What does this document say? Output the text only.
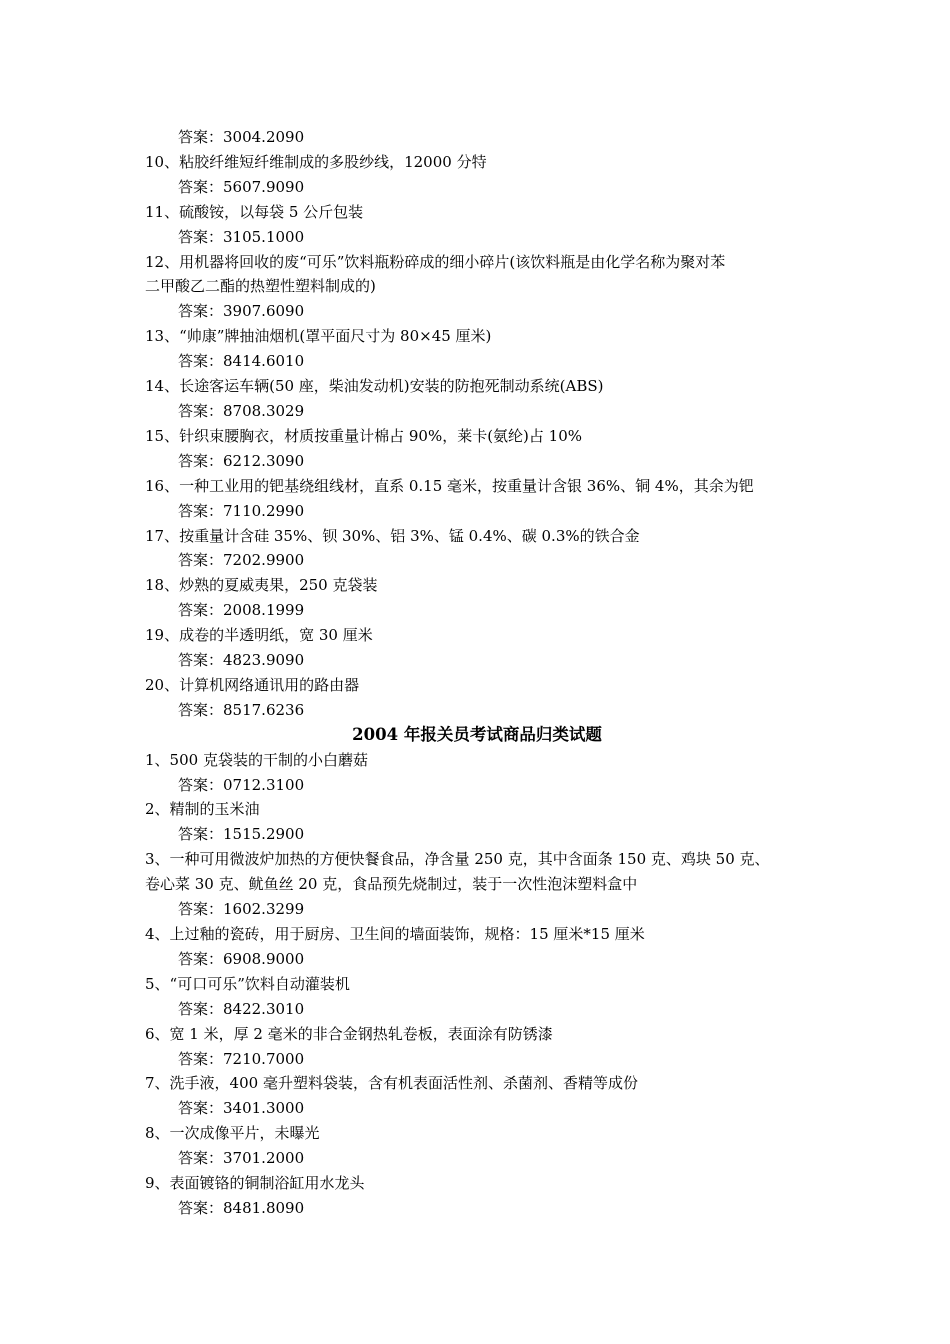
答案：3004.2090
10、粘胶纤维短纤维制成的多股纱线，12000 分特
答案：5607.9090
11、硫酸铵，以每袋 5 公斤包装
答案：3105.1000
12、用机器将回收的废“可乐”饮料瓶粉碎成的细小碎片(该饮料瓶是由化学名称为聚对苯
二甲酸乙二酯的热塑性塑料制成的)
答案：3907.6090
13、“帅康”牌抽油烟机(罩平面尺寸为 80×45 厘米)
答案：8414.6010
14、长途客运车辆(50 座，柴油发动机)安装的防抱死制动系统(ABS)
答案：8708.3029
15、针织束腰胸衣，材质按重量计棉占 90%，莱卡(氨纶)占 10%
答案：6212.3090
16、一种工业用的钯基绕组线材，直系 0.15 毫米，按重量计含银 36%、铜 4%，其余为钯
答案：7110.2990
17、按重量计含硅 35%、钡 30%、铝 3%、锰 0.4%、碳 0.3%的铁合金
答案：7202.9900
18、炒熟的夏威夷果，250 克袋装
答案：2008.1999
19、成卷的半透明纸，宽 30 厘米
答案：4823.9090
20、计算机网络通讯用的路由器
答案：8517.6236
2004 年报关员考试商品归类试题
1、500 克袋装的干制的小白蘑菇
答案：0712.3100
2、精制的玉米油
答案：1515.2900
3、一种可用微波炉加热的方便快餐食品，净含量 250 克，其中含面条 150 克、鸡块 50 克、
卷心菜 30 克、鱿鱼丝 20 克，食品预先烧制过，装于一次性泡沫塑料盒中
答案：1602.3299
4、上过釉的瓷砖，用于厨房、卫生间的墙面装饰，规格：15 厘米*15 厘米
答案：6908.9000
5、“可口可乐”饮料自动灌装机
答案：8422.3010
6、宽 1 米，厚 2 毫米的非合金钢热轧卷板，表面涂有防锈漆
答案：7210.7000
7、洗手液，400 毫升塑料袋装，含有机表面活性剂、杀菌剂、香精等成份
答案：3401.3000
8、一次成像平片，未曝光
答案：3701.2000
9、表面镀铬的铜制浴缸用水龙头
答案：8481.8090
